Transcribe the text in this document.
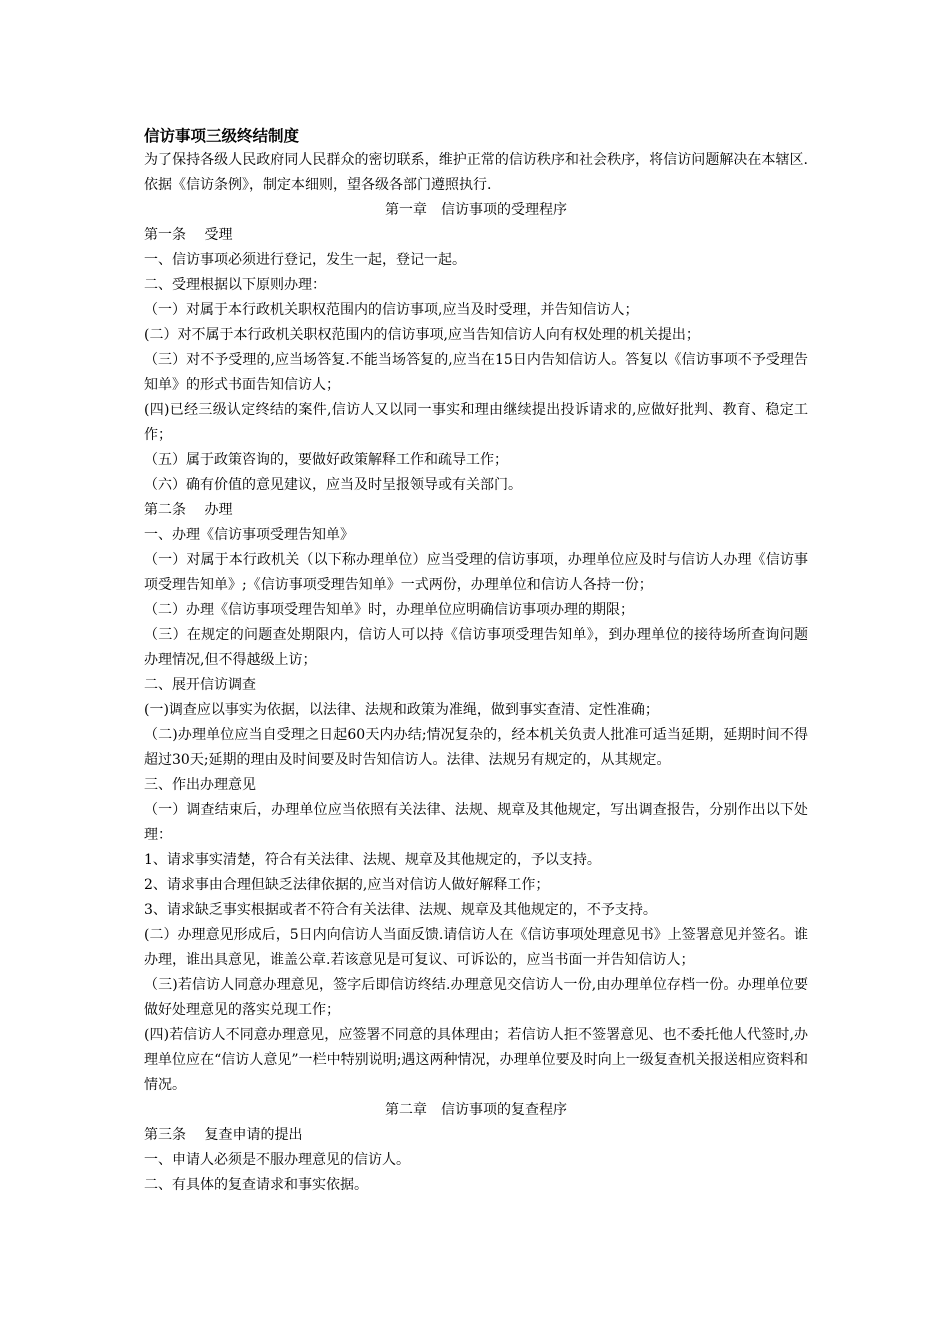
信访事项三级终结制度
为了保持各级人民政府同人民群众的密切联系，维护正常的信访秩序和社会秩序，将信访问题解决在本辖区.依据《信访条例》，制定本细则，望各级各部门遵照执行.
第一章　信访事项的受理程序
第一条　 受理
一、信访事项必须进行登记，发生一起，登记一起。
二、受理根据以下原则办理：
（一）对属于本行政机关职权范围内的信访事项,应当及时受理，并告知信访人；
(二）对不属于本行政机关职权范围内的信访事项,应当告知信访人向有权处理的机关提出；
（三）对不予受理的,应当场答复.不能当场答复的,应当在15日内告知信访人。答复以《信访事项不予受理告知单》的形式书面告知信访人；
(四)已经三级认定终结的案件,信访人又以同一事实和理由继续提出投诉请求的,应做好批判、教育、稳定工作；
（五）属于政策咨询的，要做好政策解释工作和疏导工作；
（六）确有价值的意见建议，应当及时呈报领导或有关部门。
第二条　 办理
一、办理《信访事项受理告知单》
（一）对属于本行政机关（以下称办理单位）应当受理的信访事项，办理单位应及时与信访人办理《信访事项受理告知单》;《信访事项受理告知单》一式两份，办理单位和信访人各持一份；
（二）办理《信访事项受理告知单》时，办理单位应明确信访事项办理的期限；
（三）在规定的问题查处期限内，信访人可以持《信访事项受理告知单》，到办理单位的接待场所查询问题办理情况,但不得越级上访；
二、展开信访调查
(一)调查应以事实为依据，以法律、法规和政策为准绳，做到事实查清、定性准确；
（二)办理单位应当自受理之日起60天内办结;情况复杂的，经本机关负责人批准可适当延期，延期时间不得超过30天;延期的理由及时间要及时告知信访人。法律、法规另有规定的，从其规定。
三、作出办理意见
（一）调查结束后，办理单位应当依照有关法律、法规、规章及其他规定，写出调查报告，分别作出以下处理：
1、请求事实清楚，符合有关法律、法规、规章及其他规定的，予以支持。
2、请求事由合理但缺乏法律依据的,应当对信访人做好解释工作；
3、请求缺乏事实根据或者不符合有关法律、法规、规章及其他规定的，不予支持。
(二）办理意见形成后，5日内向信访人当面反馈.请信访人在《信访事项处理意见书》上签署意见并签名。谁办理，谁出具意见，谁盖公章.若该意见是可复议、可诉讼的，应当书面一并告知信访人；
（三)若信访人同意办理意见，签字后即信访终结.办理意见交信访人一份,由办理单位存档一份。办理单位要做好处理意见的落实兑现工作；
(四)若信访人不同意办理意见，应签署不同意的具体理由；若信访人拒不签署意见、也不委托他人代签时,办理单位应在“信访人意见”一栏中特别说明;遇这两种情况，办理单位要及时向上一级复查机关报送相应资料和情况。
第二章　信访事项的复查程序
第三条　 复查申请的提出
一、申请人必须是不服办理意见的信访人。
二、有具体的复查请求和事实依据。
